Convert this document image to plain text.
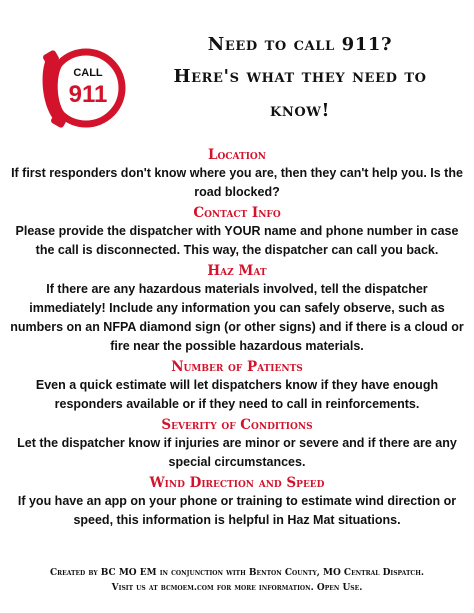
CALL
911
Need to call 911?
Here's what they need to
know!

Location

If first responders don't know where you are, then they can't help you. Is the road blocked?

Contact Info

Please provide the dispatcher with YOUR name and phone number in case the call is disconnected. This way, the dispatcher can call you back.

Haz Mat

If there are any hazardous materials involved, tell the dispatcher immediately! Include any information you can safely observe, such as numbers on an NFPA diamond sign (or other signs) and if there is a cloud or fire near the possible hazardous materials.

Number of Patients

Even a quick estimate will let dispatchers know if they have enough responders available or if they need to call in reinforcements.

Severity of Conditions

Let the dispatcher know if injuries are minor or severe and if there are any special circumstances.

Wind Direction and Speed

If you have an app on your phone or training to estimate wind direction or speed, this information is helpful in Haz Mat situations.

Created by BC MO EM in conjunction with Benton County, MO Central Dispatch.
Visit us at bcmoem.com for more information. Open Use.
